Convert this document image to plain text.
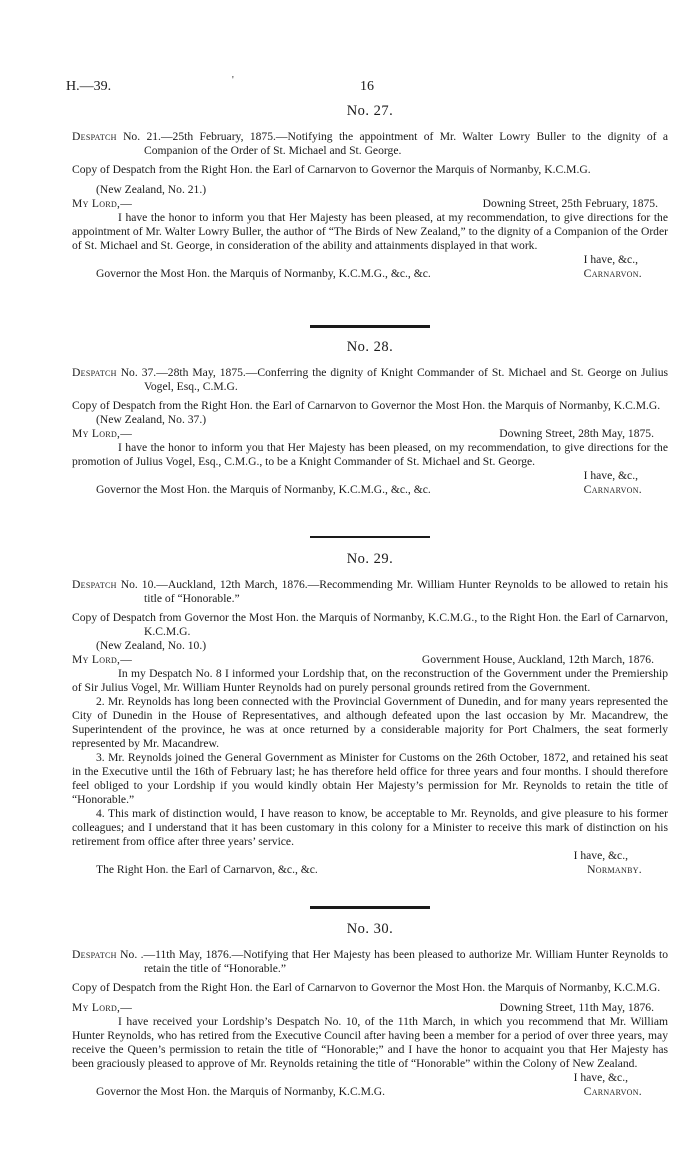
H.—39.	'	16
No. 27.

Despatch No. 21.—25th February, 1875.—Notifying the appointment of Mr. Walter Lowry Buller to the dignity of a Companion of the Order of St. Michael and St. George.

Copy of Despatch from the Right Hon. the Earl of Carnarvon to Governor the Marquis of Normanby, K.C.M.G.

(New Zealand, No. 21.)

My Lord,—	Downing Street, 25th February, 1875.

I have the honor to inform you that Her Majesty has been pleased, at my recommendation, to give directions for the appointment of Mr. Walter Lowry Buller, the author of “The Birds of New Zealand,” to the dignity of a Companion of the Order of St. Michael and St. George, in consideration of the ability and attainments displayed in that work.

I have, &c.,

Governor the Most Hon. the Marquis of Normanby, K.C.M.G., &c., &c.	Carnarvon.
No. 28.

Despatch No. 37.—28th May, 1875.—Conferring the dignity of Knight Commander of St. Michael and St. George on Julius Vogel, Esq., C.M.G.

Copy of Despatch from the Right Hon. the Earl of Carnarvon to Governor the Most Hon. the Marquis of Normanby, K.C.M.G.

(New Zealand, No. 37.)

My Lord,—	Downing Street, 28th May, 1875.

I have the honor to inform you that Her Majesty has been pleased, on my recommendation, to give directions for the promotion of Julius Vogel, Esq., C.M.G., to be a Knight Commander of St. Michael and St. George.

I have, &c.,

Governor the Most Hon. the Marquis of Normanby, K.C.M.G., &c., &c.	Carnarvon.
No. 29.

Despatch No. 10.—Auckland, 12th March, 1876.—Recommending Mr. William Hunter Reynolds to be allowed to retain his title of “Honorable.”

Copy of Despatch from Governor the Most Hon. the Marquis of Normanby, K.C.M.G., to the Right Hon. the Earl of Carnarvon, K.C.M.G.

(New Zealand, No. 10.)

My Lord,—	Government House, Auckland, 12th March, 1876.

In my Despatch No. 8 I informed your Lordship that, on the reconstruction of the Government under the Premiership of Sir Julius Vogel, Mr. William Hunter Reynolds had on purely personal grounds retired from the Government.

2. Mr. Reynolds has long been connected with the Provincial Government of Dunedin, and for many years represented the City of Dunedin in the House of Representatives, and although defeated upon the last occasion by Mr. Macandrew, the Superintendent of the province, he was at once returned by a considerable majority for Port Chalmers, the seat formerly represented by Mr. Macandrew.

3. Mr. Reynolds joined the General Government as Minister for Customs on the 26th October, 1872, and retained his seat in the Executive until the 16th of February last; he has therefore held office for three years and four months. I should therefore feel obliged to your Lordship if you would kindly obtain Her Majesty’s permission for Mr. Reynolds to retain the title of “Honorable.”

4. This mark of distinction would, I have reason to know, be acceptable to Mr. Reynolds, and give pleasure to his former colleagues; and I understand that it has been customary in this colony for a Minister to receive this mark of distinction on his retirement from office after three years’ service.

I have, &c.,

The Right Hon. the Earl of Carnarvon, &c., &c.	Normanby.
No. 30.

Despatch No. .—11th May, 1876.—Notifying that Her Majesty has been pleased to authorize Mr. William Hunter Reynolds to retain the title of “Honorable.”

Copy of Despatch from the Right Hon. the Earl of Carnarvon to Governor the Most Hon. the Marquis of Normanby, K.C.M.G.

My Lord,—	Downing Street, 11th May, 1876.

I have received your Lordship’s Despatch No. 10, of the 11th March, in which you recommend that Mr. William Hunter Reynolds, who has retired from the Executive Council after having been a member for a period of over three years, may receive the Queen’s permission to retain the title of “Honorable;” and I have the honor to acquaint you that Her Majesty has been graciously pleased to approve of Mr. Reynolds retaining the title of “Honorable” within the Colony of New Zealand.

I have, &c.,

Governor the Most Hon. the Marquis of Normanby, K.C.M.G.	Carnarvon.
